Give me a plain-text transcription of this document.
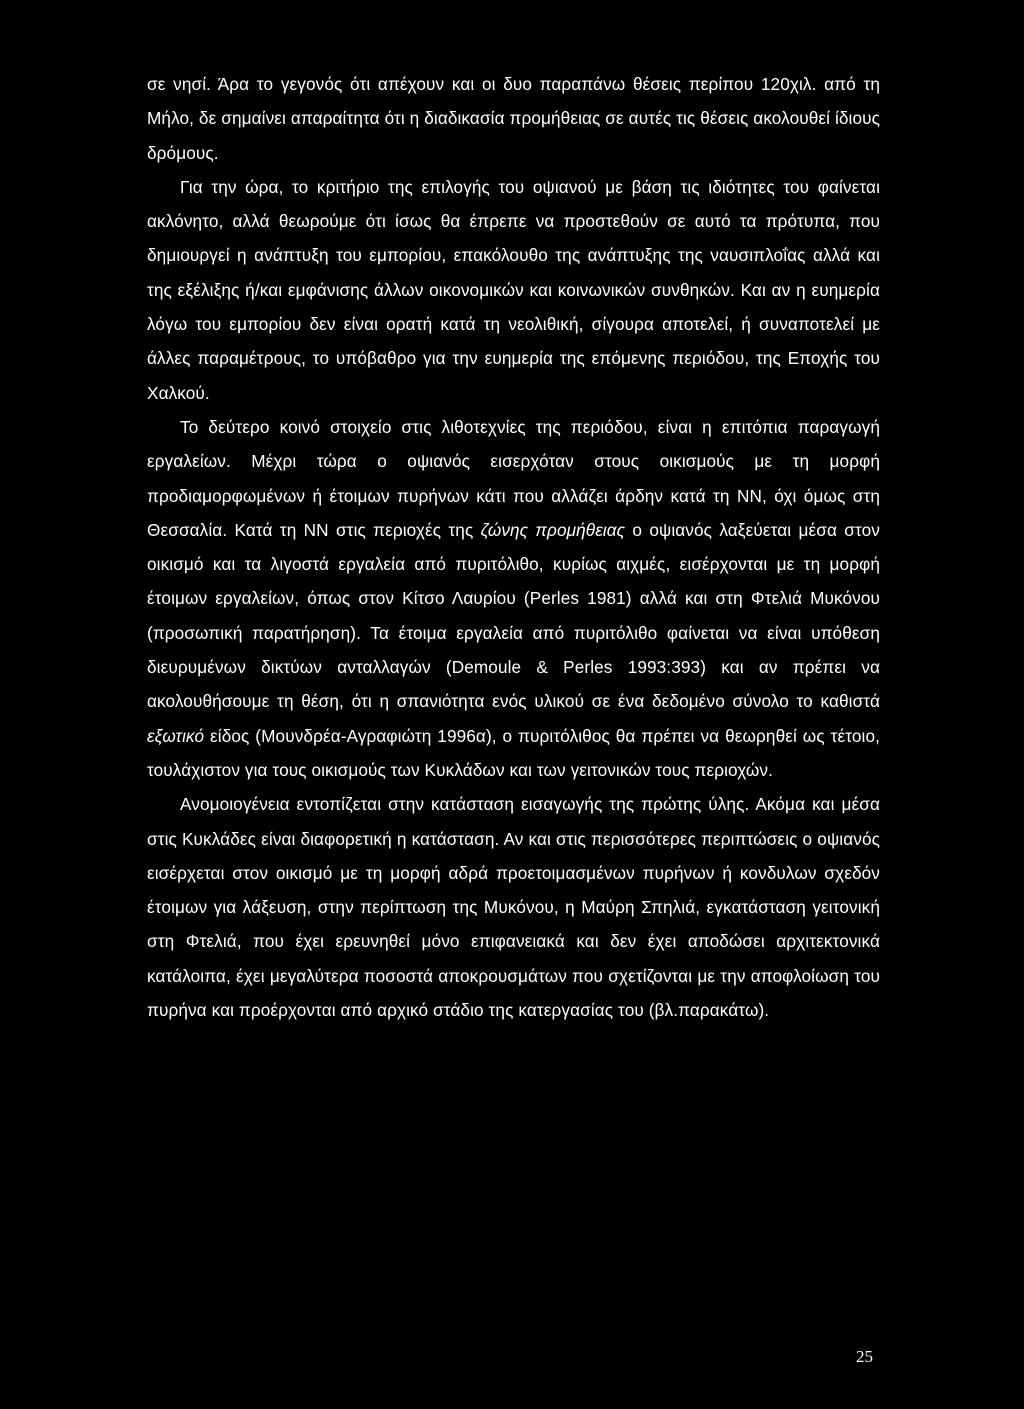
σε νησί. Άρα το γεγονός ότι απέχουν και οι δυο παραπάνω θέσεις περίπου 120χιλ. από τη Μήλο, δε σημαίνει απαραίτητα ότι η διαδικασία προμήθειας σε αυτές τις θέσεις ακολουθεί ίδιους δρόμους.

Για την ώρα, το κριτήριο της επιλογής του οψιανού με βάση τις ιδιότητες του φαίνεται ακλόνητο, αλλά θεωρούμε ότι ίσως θα έπρεπε να προστεθούν σε αυτό τα πρότυπα, που δημιουργεί η ανάπτυξη του εμπορίου, επακόλουθο της ανάπτυξης της ναυσιπλοΐας αλλά και της εξέλιξης ή/και εμφάνισης άλλων οικονομικών και κοινωνικών συνθηκών. Και αν η ευημερία λόγω του εμπορίου δεν είναι ορατή κατά τη νεολιθική, σίγουρα αποτελεί, ή συναποτελεί με άλλες παραμέτρους, το υπόβαθρο για την ευημερία της επόμενης περιόδου, της Εποχής του Χαλκού.

Το δεύτερο κοινό στοιχείο στις λιθοτεχνίες της περιόδου, είναι η επιτόπια παραγωγή εργαλείων. Μέχρι τώρα ο οψιανός εισερχόταν στους οικισμούς με τη μορφή προδιαμορφωμένων ή έτοιμων πυρήνων κάτι που αλλάζει άρδην κατά τη ΝΝ, όχι όμως στη Θεσσαλία. Κατά τη ΝΝ στις περιοχές της ζώνης προμήθειας ο οψιανός λαξεύεται μέσα στον οικισμό και τα λιγοστά εργαλεία από πυριτόλιθο, κυρίως αιχμές, εισέρχονται με τη μορφή έτοιμων εργαλείων, όπως στον Κίτσο Λαυρίου (Perles 1981) αλλά και στη Φτελιά Μυκόνου (προσωπική παρατήρηση). Τα έτοιμα εργαλεία από πυριτόλιθο φαίνεται να είναι υπόθεση διευρυμένων δικτύων ανταλλαγών (Demoule & Perles 1993:393) και αν πρέπει να ακολουθήσουμε τη θέση, ότι η σπανιότητα ενός υλικού σε ένα δεδομένο σύνολο το καθιστά εξωτικό είδος (Μουνδρέα-Αγραφιώτη 1996α), ο πυριτόλιθος θα πρέπει να θεωρηθεί ως τέτοιο, τουλάχιστον για τους οικισμούς των Κυκλάδων και των γειτονικών τους περιοχών.

Ανομοιογένεια εντοπίζεται στην κατάσταση εισαγωγής της πρώτης ύλης. Ακόμα και μέσα στις Κυκλάδες είναι διαφορετική η κατάσταση. Αν και στις περισσότερες περιπτώσεις ο οψιανός εισέρχεται στον οικισμό με τη μορφή αδρά προετοιμασμένων πυρήνων ή κονδυλων σχεδόν έτοιμων για λάξευση, στην περίπτωση της Μυκόνου, η Μαύρη Σπηλιά, εγκατάσταση γειτονική στη Φτελιά, που έχει ερευνηθεί μόνο επιφανειακά και δεν έχει αποδώσει αρχιτεκτονικά κατάλοιπα, έχει μεγαλύτερα ποσοστά αποκρουσμάτων που σχετίζονται με την αποφλοίωση του πυρήνα και προέρχονται από αρχικό στάδιο της κατεργασίας του (βλ.παρακάτω).

25
